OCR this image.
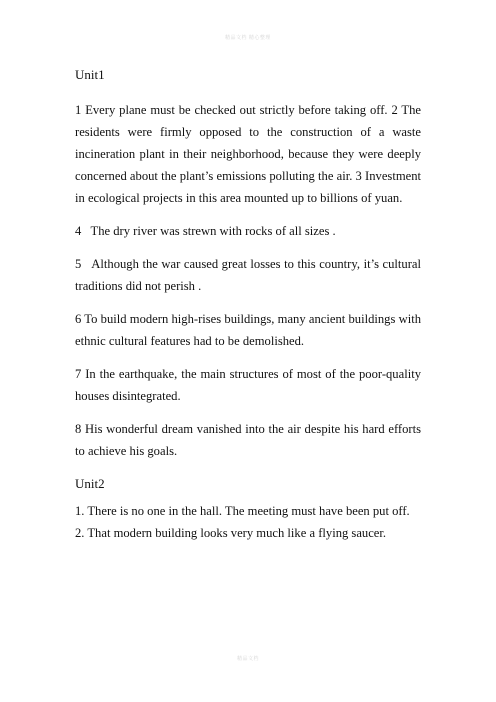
精品文档 精心整理

Unit1

1 Every plane must be checked out strictly before taking off. 2 The residents were firmly opposed to the construction of a waste incineration plant in their neighborhood, because they were deeply concerned about the plant’s emissions polluting the air. 3 Investment in ecological projects in this area mounted up to billions of yuan.

4   The dry river was strewn with rocks of all sizes .

5   Although the war caused great losses to this country, it’s cultural traditions did not perish .

6 To build modern high-rises buildings, many ancient buildings with ethnic cultural features had to be demolished.

7 In the earthquake, the main structures of most of the poor-quality houses disintegrated.

8 His wonderful dream vanished into the air despite his hard efforts to achieve his goals.

Unit2

1. There is no one in the hall. The meeting must have been put off.

2. That modern building looks very much like a flying saucer.

精品文档
